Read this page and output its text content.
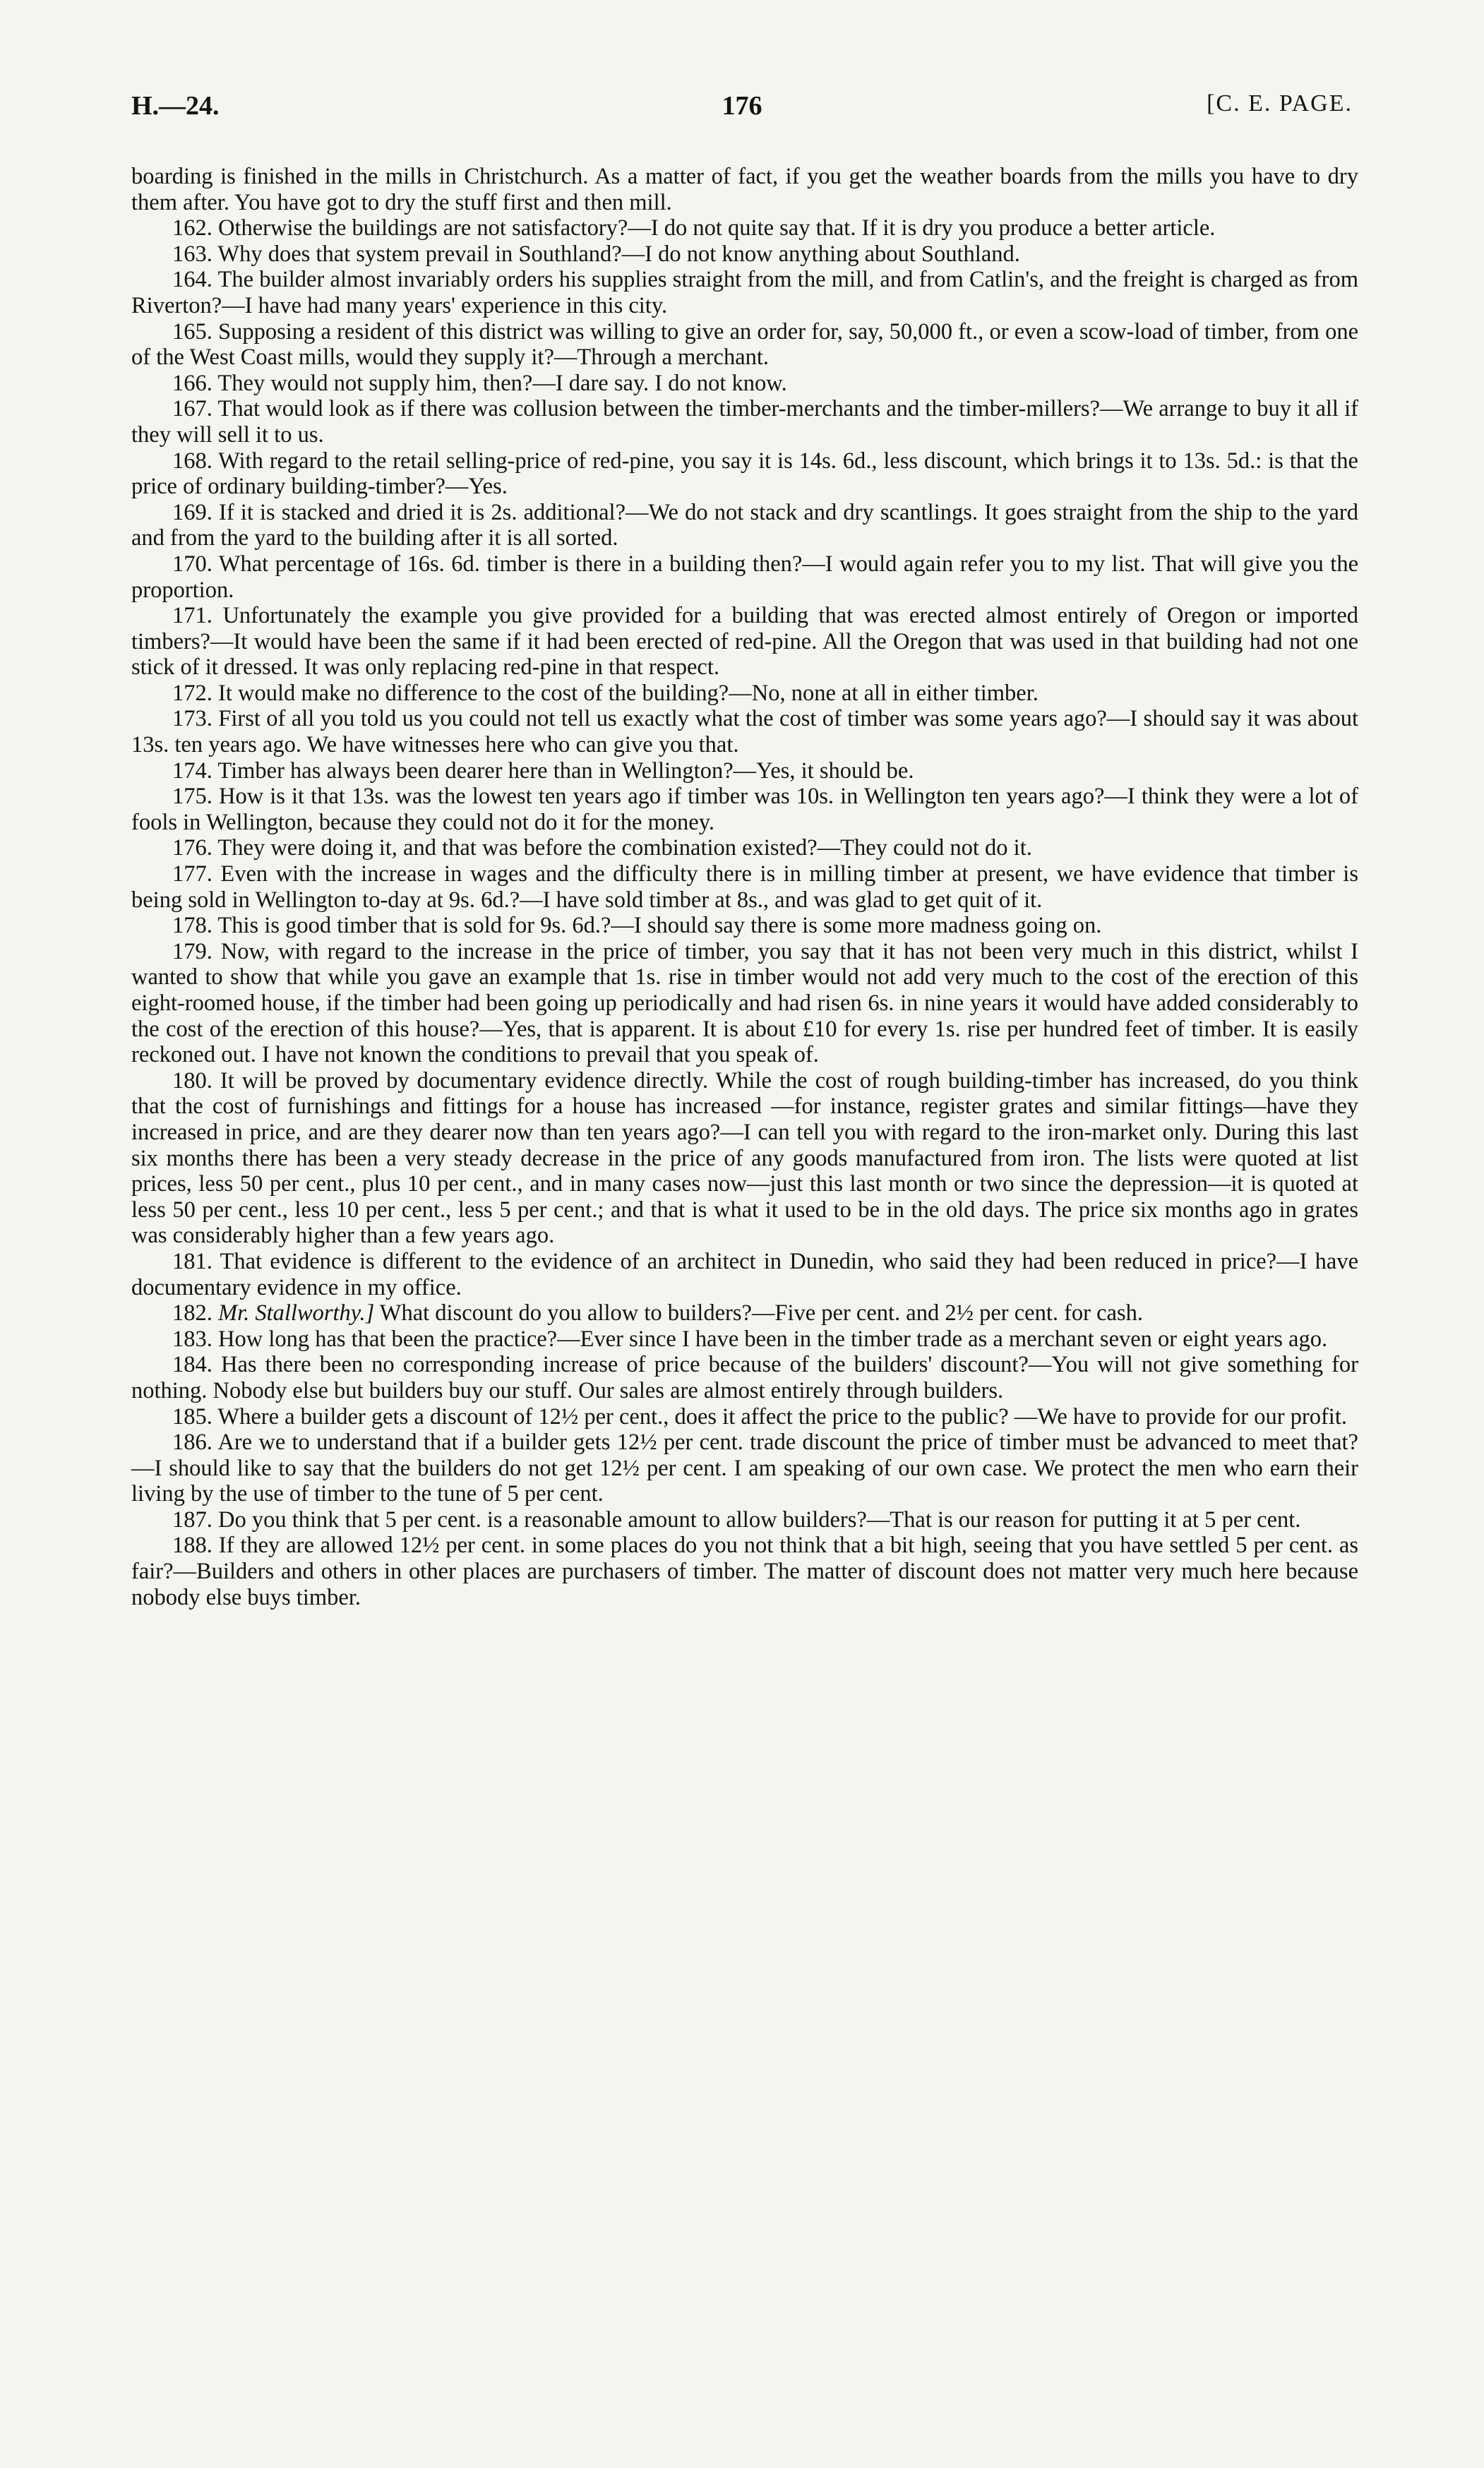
H.—24.	176	[C. E. PAGE.

boarding is finished in the mills in Christchurch. As a matter of fact, if you get the weather boards from the mills you have to dry them after. You have got to dry the stuff first and then mill.

162. Otherwise the buildings are not satisfactory?—I do not quite say that. If it is dry you produce a better article.

163. Why does that system prevail in Southland?—I do not know anything about Southland.

164. The builder almost invariably orders his supplies straight from the mill, and from Catlin's, and the freight is charged as from Riverton?—I have had many years' experience in this city.

165. Supposing a resident of this district was willing to give an order for, say, 50,000 ft., or even a scow-load of timber, from one of the West Coast mills, would they supply it?—Through a merchant.

166. They would not supply him, then?—I dare say. I do not know.

167. That would look as if there was collusion between the timber-merchants and the timber-millers?—We arrange to buy it all if they will sell it to us.

168. With regard to the retail selling-price of red-pine, you say it is 14s. 6d., less discount, which brings it to 13s. 5d.: is that the price of ordinary building-timber?—Yes.

169. If it is stacked and dried it is 2s. additional?—We do not stack and dry scantlings. It goes straight from the ship to the yard and from the yard to the building after it is all sorted.

170. What percentage of 16s. 6d. timber is there in a building then?—I would again refer you to my list. That will give you the proportion.

171. Unfortunately the example you give provided for a building that was erected almost entirely of Oregon or imported timbers?—It would have been the same if it had been erected of red-pine. All the Oregon that was used in that building had not one stick of it dressed. It was only replacing red-pine in that respect.

172. It would make no difference to the cost of the building?—No, none at all in either timber.

173. First of all you told us you could not tell us exactly what the cost of timber was some years ago?—I should say it was about 13s. ten years ago. We have witnesses here who can give you that.

174. Timber has always been dearer here than in Wellington?—Yes, it should be.

175. How is it that 13s. was the lowest ten years ago if timber was 10s. in Wellington ten years ago?—I think they were a lot of fools in Wellington, because they could not do it for the money.

176. They were doing it, and that was before the combination existed?—They could not do it.

177. Even with the increase in wages and the difficulty there is in milling timber at present, we have evidence that timber is being sold in Wellington to-day at 9s. 6d.?—I have sold timber at 8s., and was glad to get quit of it.

178. This is good timber that is sold for 9s. 6d.?—I should say there is some more madness going on.

179. Now, with regard to the increase in the price of timber, you say that it has not been very much in this district, whilst I wanted to show that while you gave an example that 1s. rise in timber would not add very much to the cost of the erection of this eight-roomed house, if the timber had been going up periodically and had risen 6s. in nine years it would have added considerably to the cost of the erection of this house?—Yes, that is apparent. It is about £10 for every 1s. rise per hundred feet of timber. It is easily reckoned out. I have not known the conditions to prevail that you speak of.

180. It will be proved by documentary evidence directly. While the cost of rough building-timber has increased, do you think that the cost of furnishings and fittings for a house has increased —for instance, register grates and similar fittings—have they increased in price, and are they dearer now than ten years ago?—I can tell you with regard to the iron-market only. During this last six months there has been a very steady decrease in the price of any goods manufactured from iron. The lists were quoted at list prices, less 50 per cent., plus 10 per cent., and in many cases now—just this last month or two since the depression—it is quoted at less 50 per cent., less 10 per cent., less 5 per cent.; and that is what it used to be in the old days. The price six months ago in grates was considerably higher than a few years ago.

181. That evidence is different to the evidence of an architect in Dunedin, who said they had been reduced in price?—I have documentary evidence in my office.

182. Mr. Stallworthy.] What discount do you allow to builders?—Five per cent. and 2½ per cent. for cash.

183. How long has that been the practice?—Ever since I have been in the timber trade as a merchant seven or eight years ago.

184. Has there been no corresponding increase of price because of the builders' discount?—You will not give something for nothing. Nobody else but builders buy our stuff. Our sales are almost entirely through builders.

185. Where a builder gets a discount of 12½ per cent., does it affect the price to the public? —We have to provide for our profit.

186. Are we to understand that if a builder gets 12½ per cent. trade discount the price of timber must be advanced to meet that?—I should like to say that the builders do not get 12½ per cent. I am speaking of our own case. We protect the men who earn their living by the use of timber to the tune of 5 per cent.

187. Do you think that 5 per cent. is a reasonable amount to allow builders?—That is our reason for putting it at 5 per cent.

188. If they are allowed 12½ per cent. in some places do you not think that a bit high, seeing that you have settled 5 per cent. as fair?—Builders and others in other places are purchasers of timber. The matter of discount does not matter very much here because nobody else buys timber.
